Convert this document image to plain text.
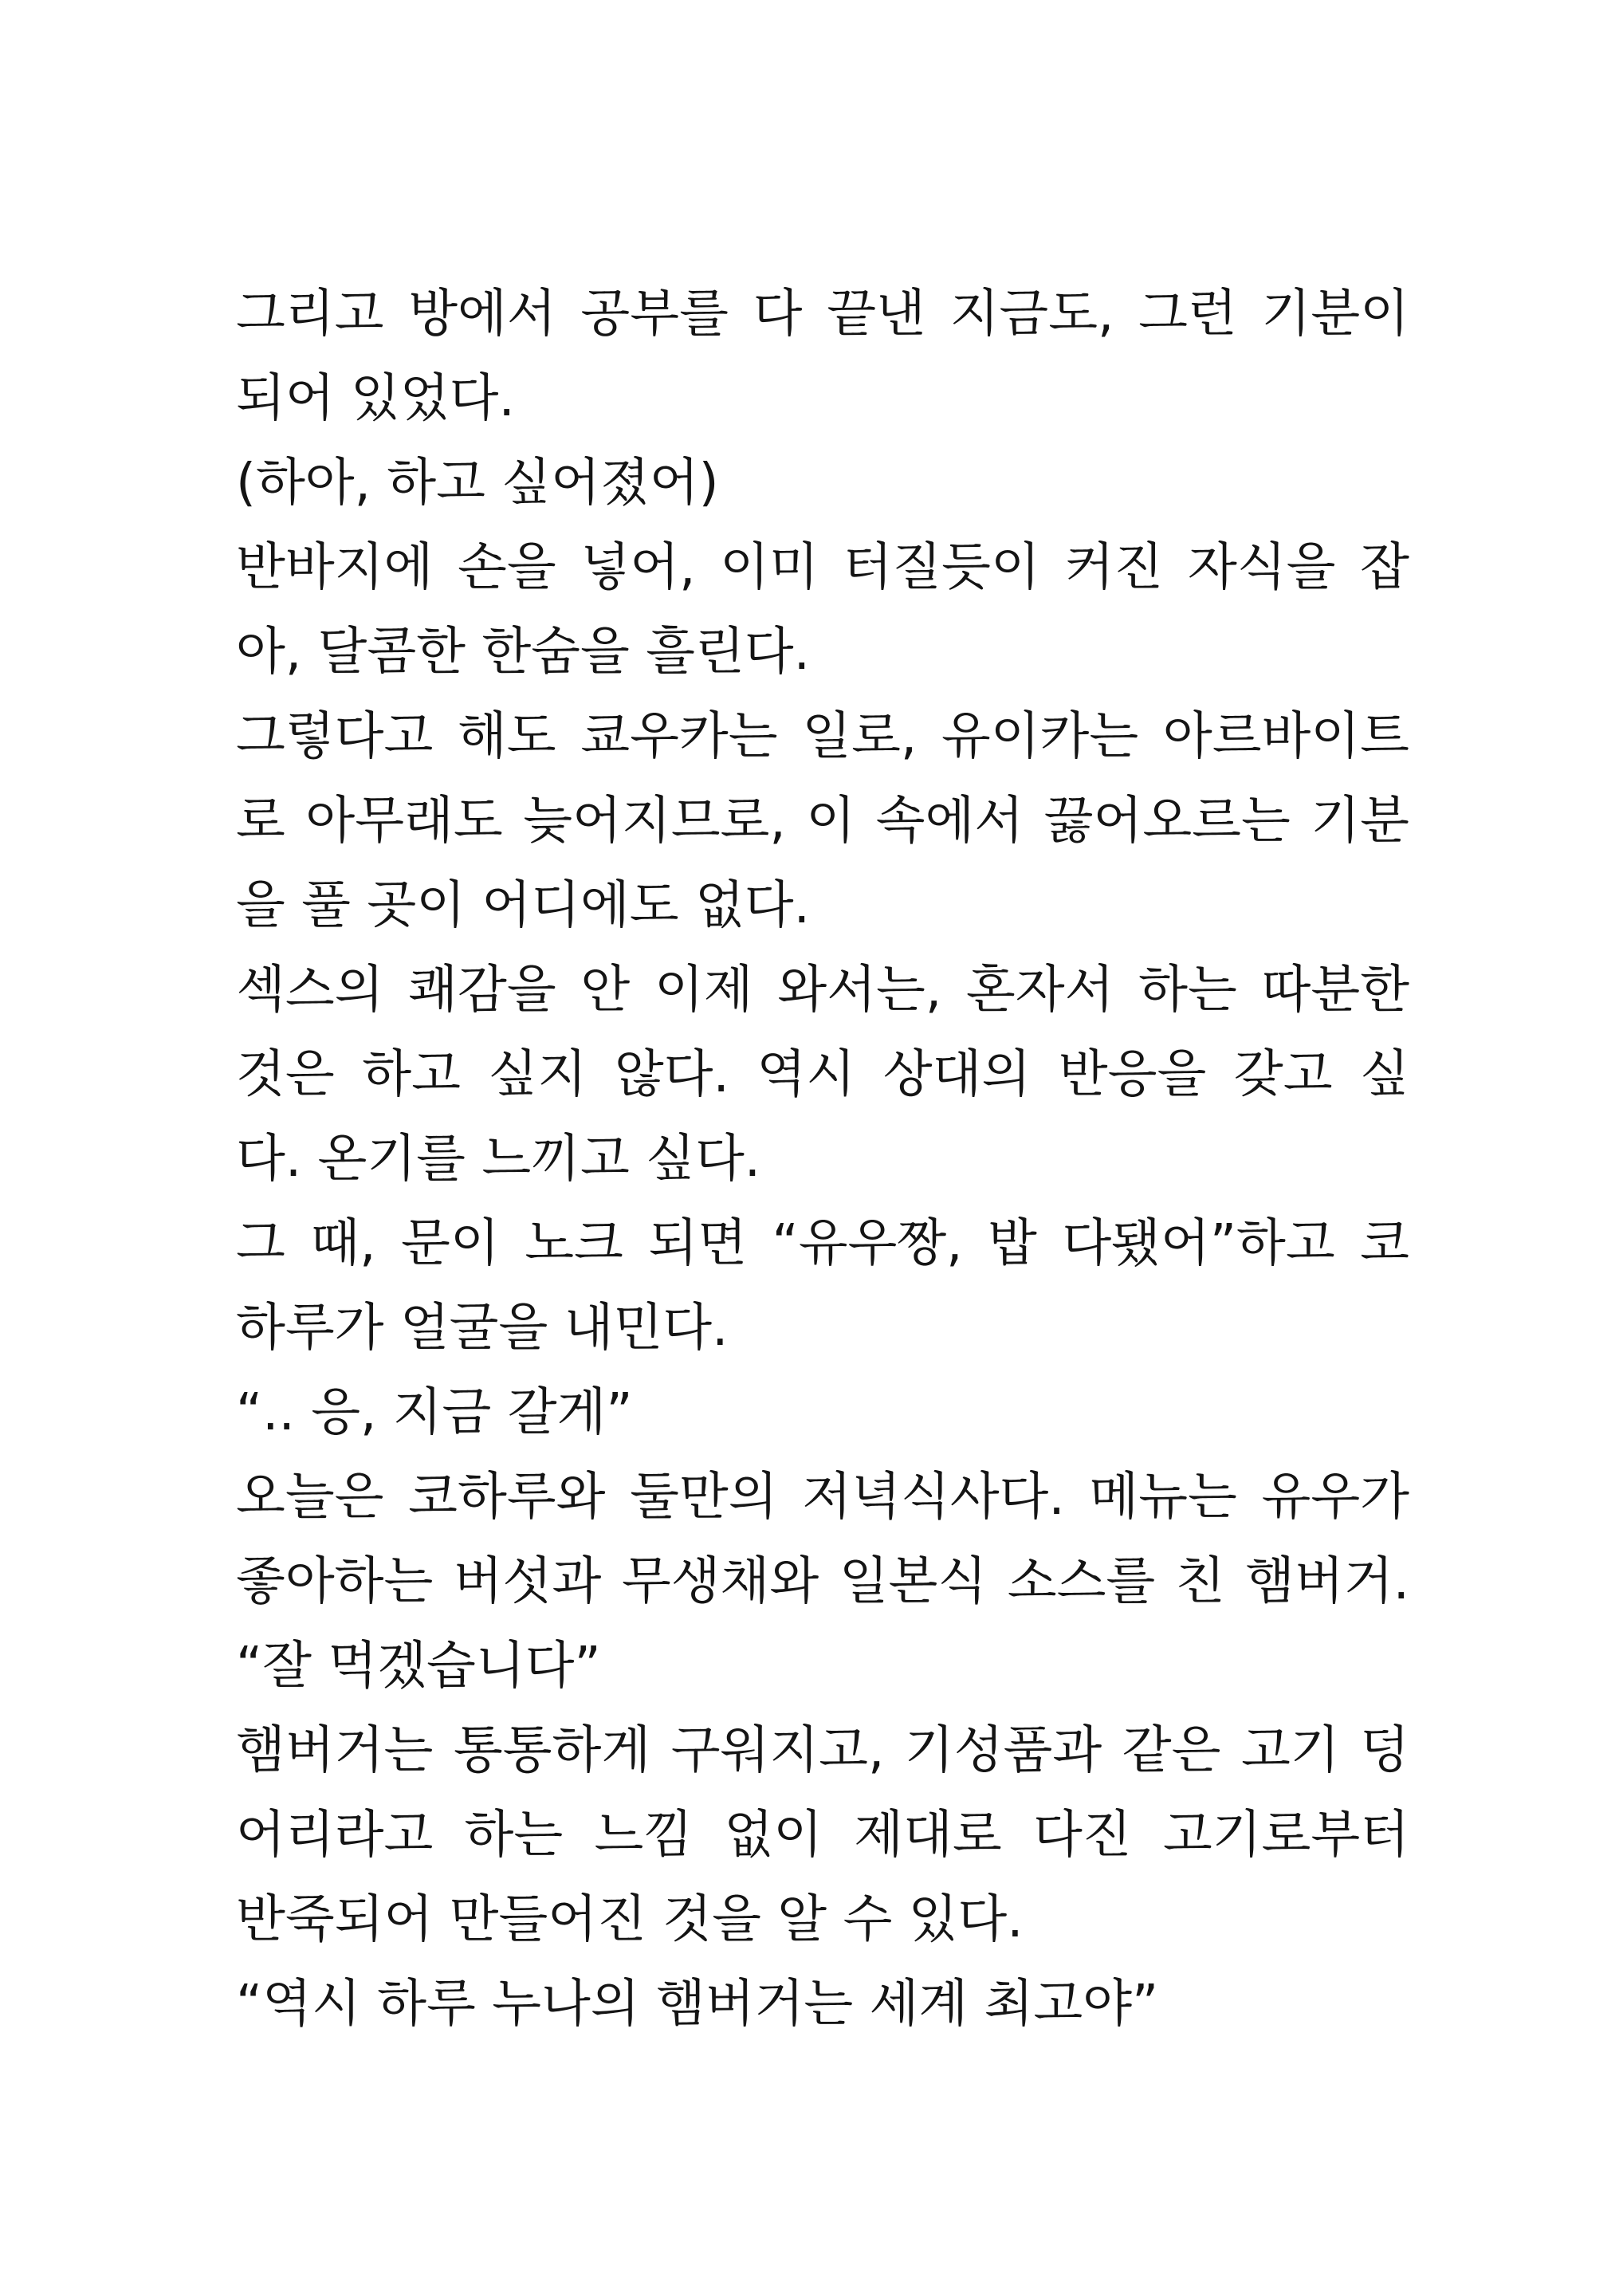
그리고 방에서 공부를 다 끝낸 지금도, 그런 기분이
되어 있었다.
(하아, 하고 싶어졌어)
반바지에 손을 넣어, 이미 터질듯이 커진 자식을 잡
아, 달콤한 한숨을 흘린다.
그렇다고 해도 쿄우카는 일로, 유이카는 아르바이트
로 아무래도 늦어지므로, 이 속에서 끓어오르는 기분
을 풀 곳이 어디에도 없다.
섹스의 쾌감을 안 이제 와서는, 혼자서 하는 따분한
것은 하고 싶지 않다. 역시 상대의 반응을 갖고 싶
다. 온기를 느끼고 싶다.
그 때, 문이 노크 되면 “유우짱, 밥 다됐어”하고 코
하루가 얼굴을 내민다.
“.. 응, 지금 갈게”
오늘은 코하루와 둘만의 저녁식사다. 메뉴는 유우가
좋아하는 버섯과 무생채와 일본식 소스를 친 햄버거.
“잘 먹겠습니다”
햄버거는 통통하게 구워지고, 기성품과 같은 고기 덩
어리라고 하는 느낌 없이 제대로 다진 고기로부터
반죽되어 만들어진 것을 알 수 있다.
“역시 하루 누나의 햄버거는 세계 최고야”
